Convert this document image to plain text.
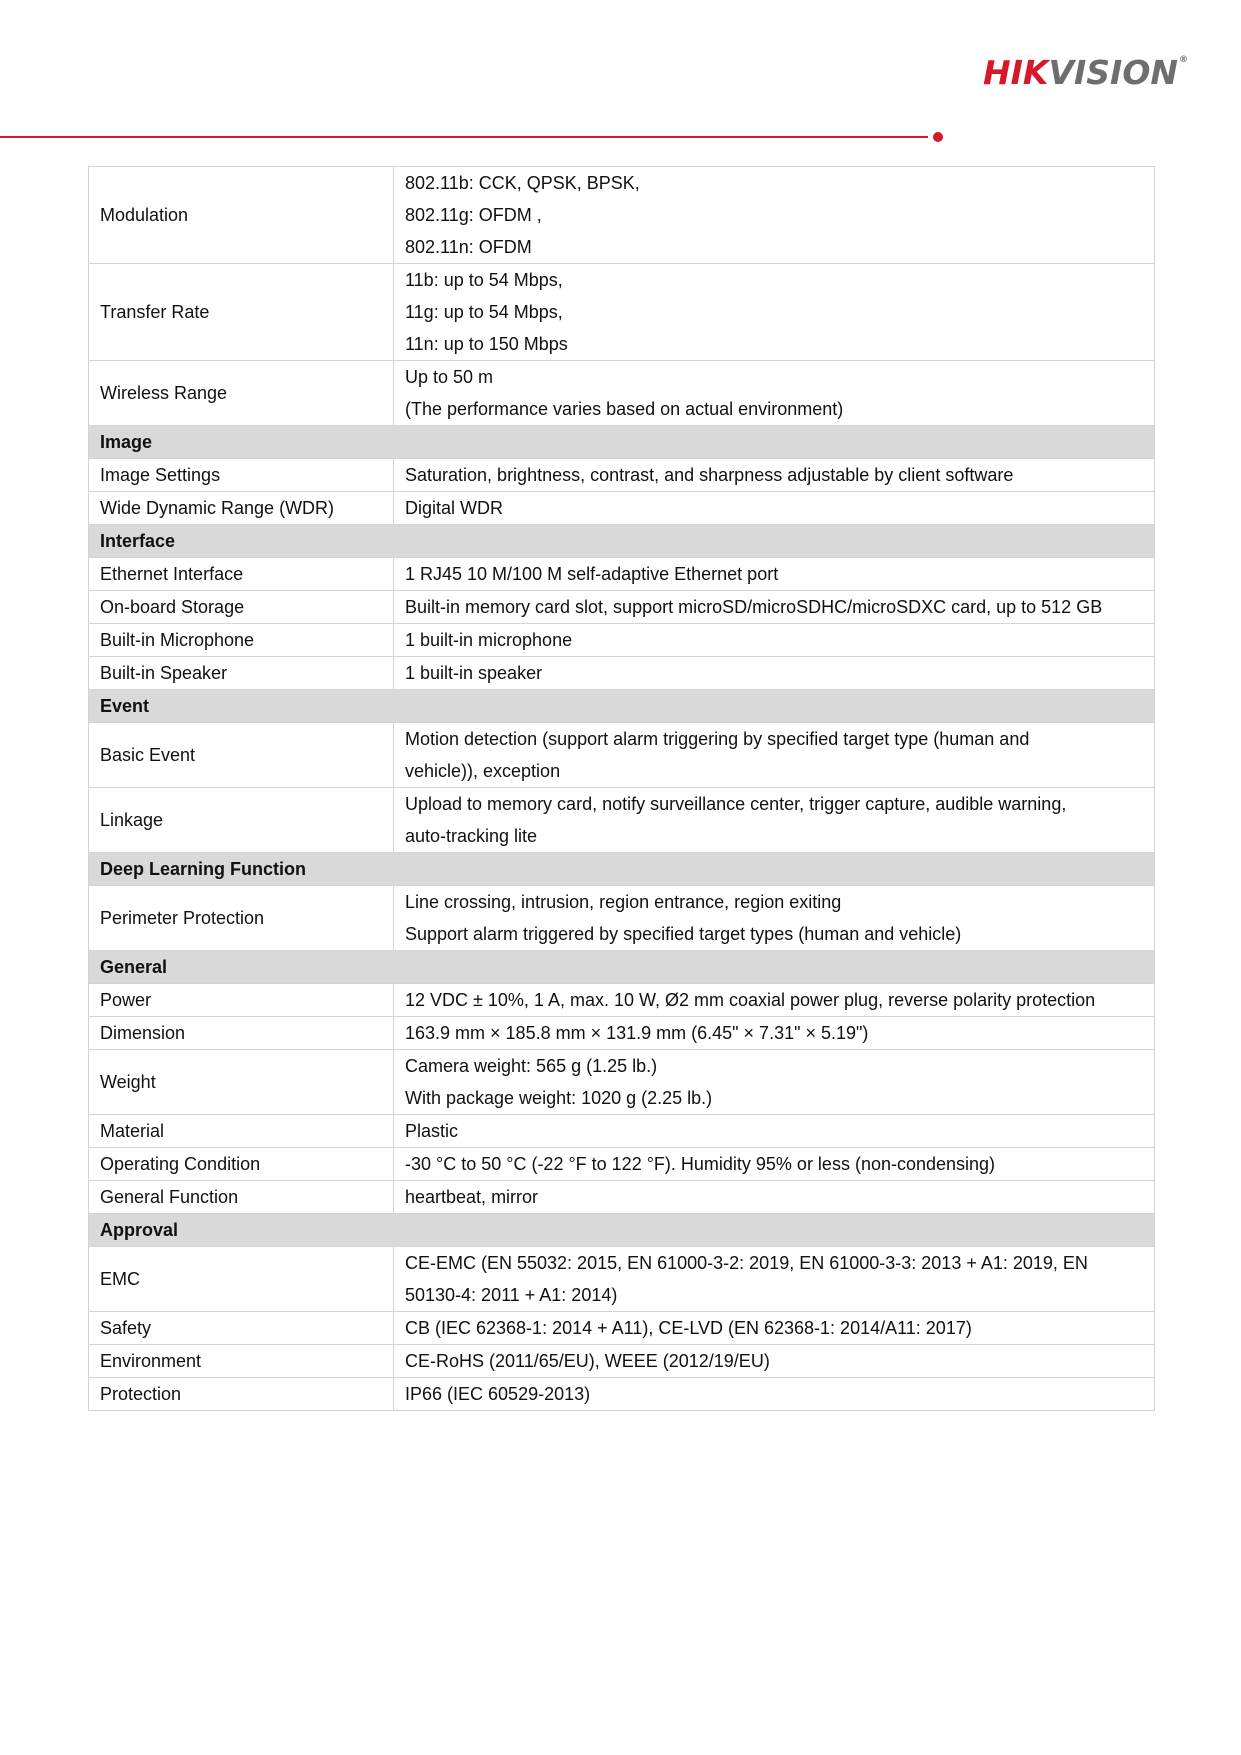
HIKVISION®
Modulation	802.11b: CCK, QPSK, BPSK,
802.11g: OFDM ,
802.11n: OFDM

Transfer Rate	11b: up to 54 Mbps,
11g: up to 54 Mbps,
11n: up to 150 Mbps

Wireless Range	Up to 50 m
(The performance varies based on actual environment)

Image	
Image Settings	Saturation, brightness, contrast, and sharpness adjustable by client software

Wide Dynamic Range (WDR)	Digital WDR

Interface	
Ethernet Interface	1 RJ45 10 M/100 M self-adaptive Ethernet port

On-board Storage	Built-in memory card slot, support microSD/microSDHC/microSDXC card, up to 512 GB

Built-in Microphone	1 built-in microphone

Built-in Speaker	1 built-in speaker

Event	
Basic Event	Motion detection (support alarm triggering by specified target type (human and
vehicle)), exception

Linkage	Upload to memory card, notify surveillance center, trigger capture, audible warning,
auto-tracking lite

Deep Learning Function	
Perimeter Protection	Line crossing, intrusion, region entrance, region exiting
Support alarm triggered by specified target types (human and vehicle)

General	
Power	12 VDC ± 10%, 1 A, max. 10 W, Ø2 mm coaxial power plug, reverse polarity protection

Dimension	163.9 mm × 185.8 mm × 131.9 mm (6.45" × 7.31" × 5.19")

Weight	Camera weight: 565 g (1.25 lb.)
With package weight: 1020 g (2.25 lb.)

Material	Plastic

Operating Condition	-30 °C to 50 °C (-22 °F to 122 °F). Humidity 95% or less (non-condensing)

General Function	heartbeat, mirror

Approval	
EMC	CE-EMC (EN 55032: 2015, EN 61000-3-2: 2019, EN 61000-3-3: 2013 + A1: 2019, EN
50130-4: 2011 + A1: 2014)

Safety	CB (IEC 62368-1: 2014 + A11), CE-LVD (EN 62368-1: 2014/A11: 2017)

Environment	CE-RoHS (2011/65/EU), WEEE (2012/19/EU)

Protection	IP66 (IEC 60529-2013)
